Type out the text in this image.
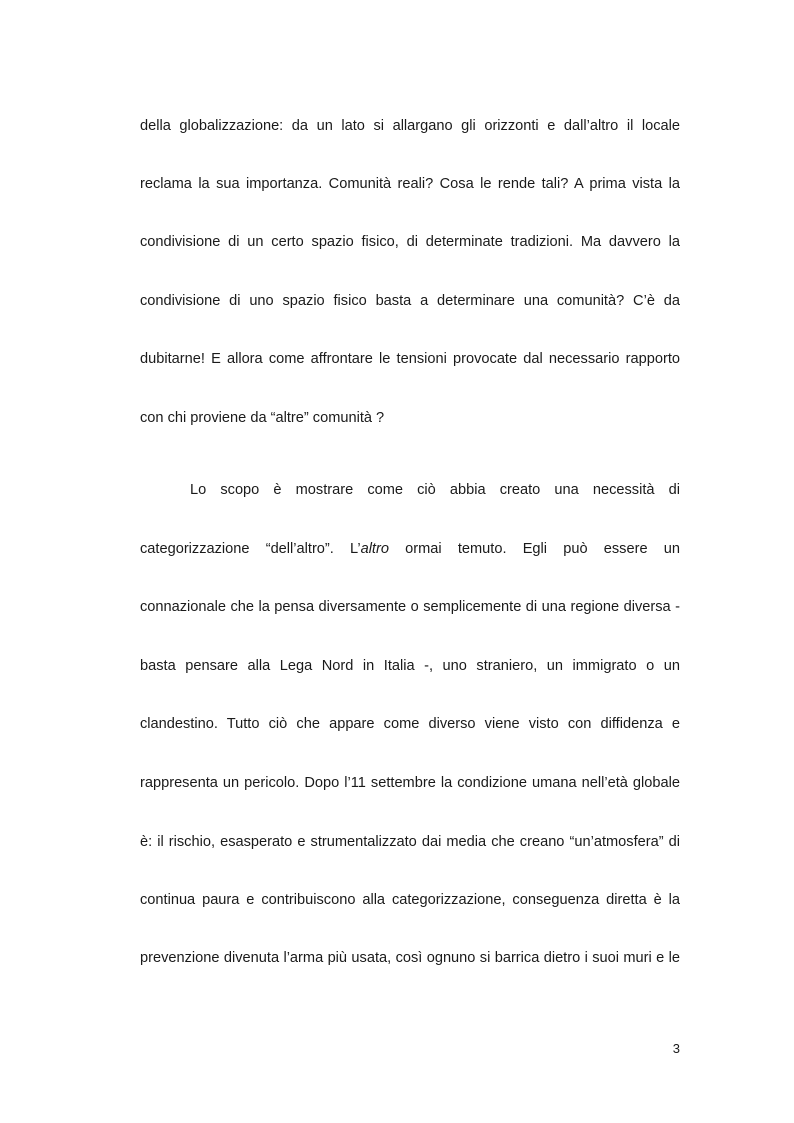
della globalizzazione: da un lato si allargano gli orizzonti e dall’altro il locale
reclama la sua importanza. Comunità reali? Cosa le rende tali? A prima vista la
condivisione di un certo spazio fisico, di determinate tradizioni. Ma davvero la
condivisione di uno spazio fisico basta a determinare una comunità? C’è da
dubitarne! E allora come affrontare le tensioni provocate dal necessario rapporto
con chi proviene da “altre” comunità ?
Lo scopo è mostrare come ciò abbia creato una necessità di
categorizzazione “dell’altro”. L’altro ormai temuto. Egli può essere un
connazionale che la pensa diversamente o semplicemente di una regione diversa -
basta pensare alla Lega Nord in Italia -, uno straniero, un immigrato o un
clandestino. Tutto ciò che appare come diverso viene visto con diffidenza e
rappresenta un pericolo. Dopo l’11 settembre la condizione umana nell’età globale
è: il rischio, esasperato e strumentalizzato dai media che creano “un’atmosfera” di
continua paura e contribuiscono alla categorizzazione, conseguenza diretta è la
prevenzione divenuta l’arma più usata, così ognuno si barrica dietro i suoi muri e le
3
